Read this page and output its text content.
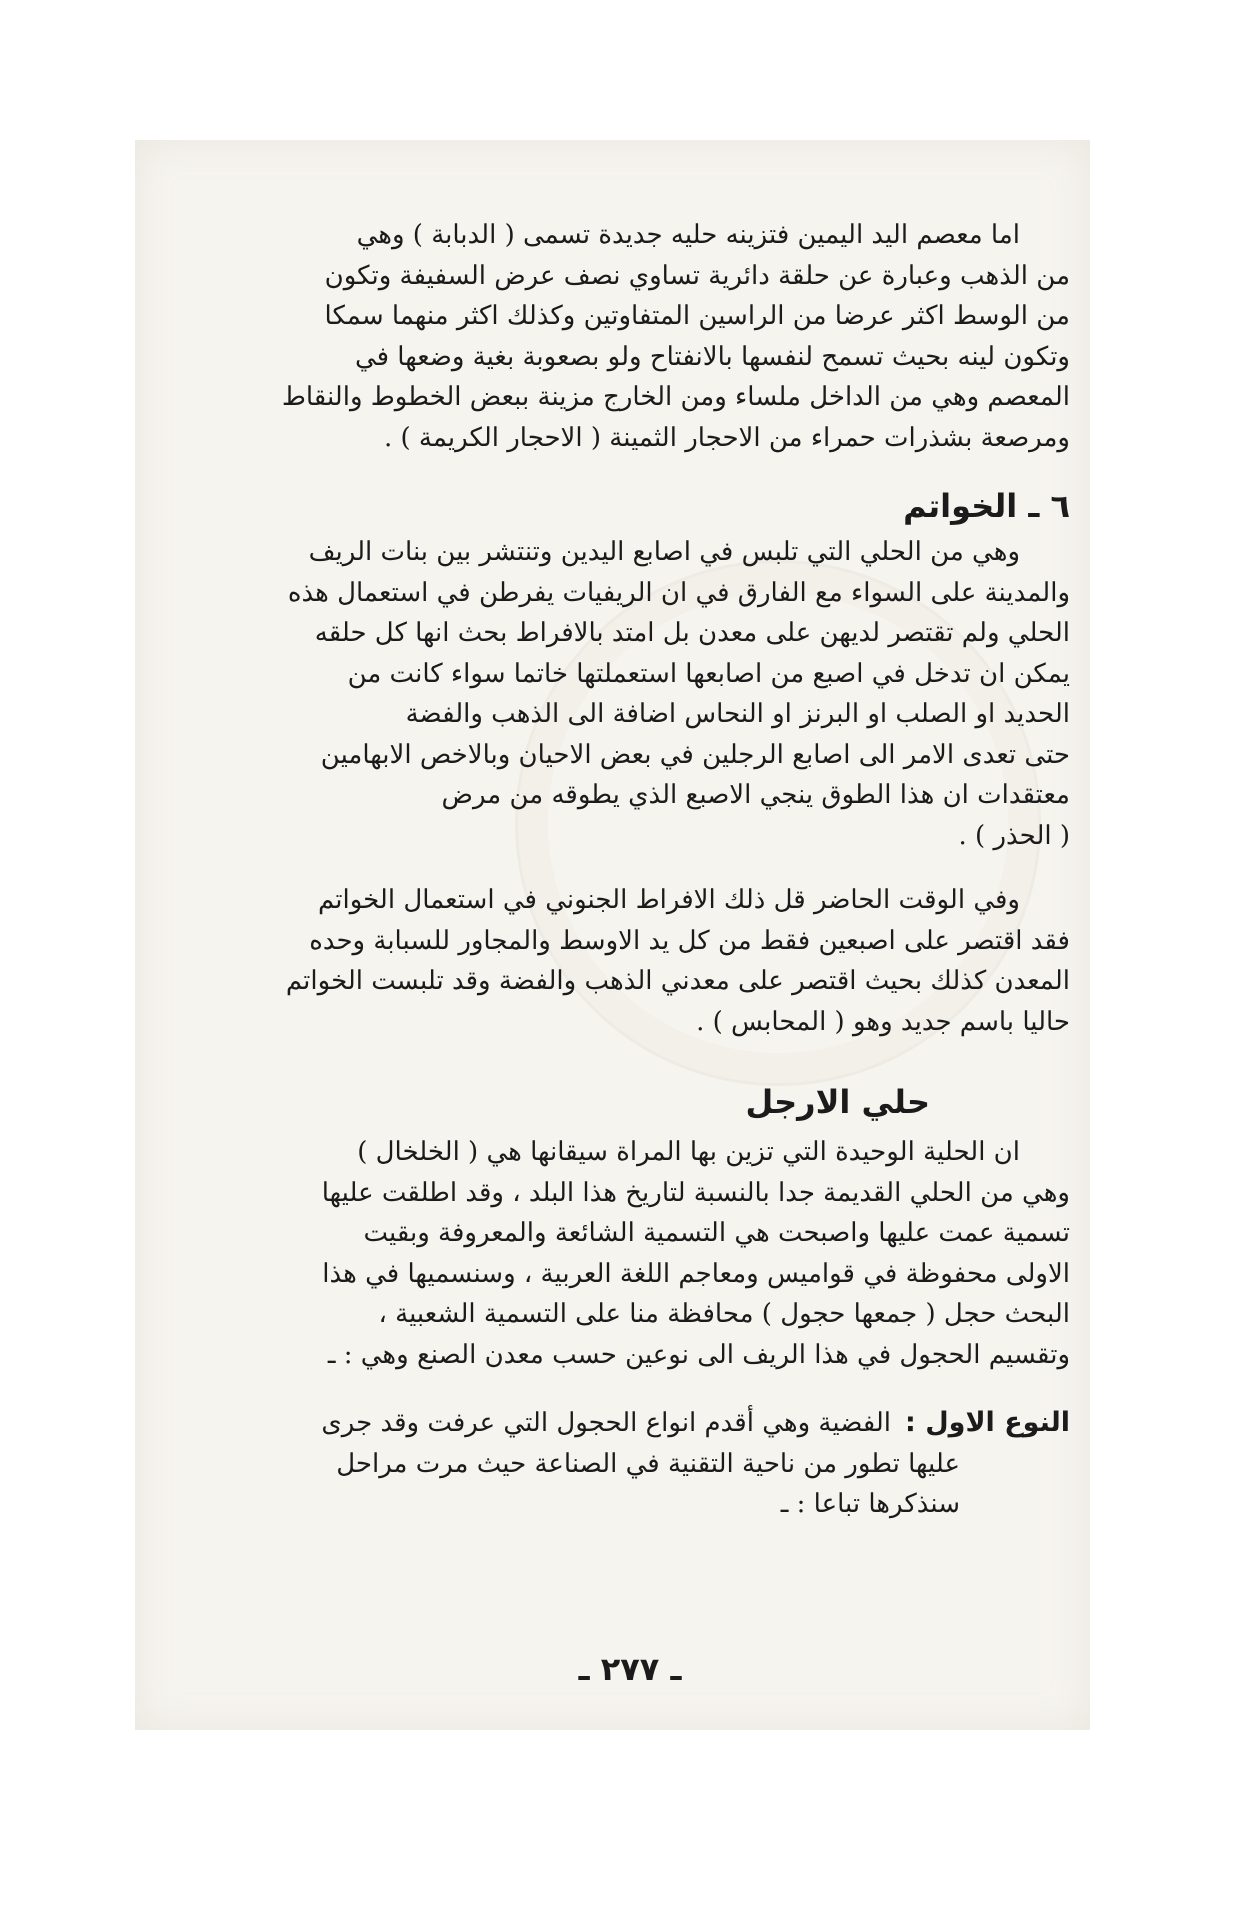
اما معصم اليد اليمين فتزينه حليه جديدة تسمى ( الدبابة ) وهي
من الذهب وعبارة عن حلقة دائرية تساوي نصف عرض السفيفة وتكون
من الوسط اكثر عرضا من الراسين المتفاوتين وكذلك اكثر منهما سمكا
وتكون لينه بحيث تسمح لنفسها بالانفتاح ولو بصعوبة بغية وضعها في
المعصم وهي من الداخل ملساء ومن الخارج مزينة ببعض الخطوط والنقاط
ومرصعة بشذرات حمراء من الاحجار الثمينة ( الاحجار الكريمة ) .
٦ ـ الخواتم
وهي من الحلي التي تلبس في اصابع اليدين وتنتشر بين بنات الريف
والمدينة على السواء مع الفارق في ان الريفيات يفرطن في استعمال هذه
الحلي ولم تقتصر لديهن على معدن بل امتد بالافراط بحث انها كل حلقه
يمكن ان تدخل في اصبع من اصابعها استعملتها خاتما سواء كانت من
الحديد او الصلب او البرنز او النحاس اضافة الى الذهب والفضة
حتى تعدى الامر الى اصابع الرجلين في بعض الاحيان وبالاخص الابهامين
معتقدات ان هذا الطوق ينجي الاصبع الذي يطوقه من مرض
( الحذر ) .
وفي الوقت الحاضر قل ذلك الافراط الجنوني في استعمال الخواتم
فقد اقتصر على اصبعين فقط من كل يد الاوسط والمجاور للسبابة وحده
المعدن كذلك بحيث اقتصر على معدني الذهب والفضة وقد تلبست الخواتم
حاليا باسم جديد وهو ( المحابس ) .
حلي الارجل
ان الحلية الوحيدة التي تزين بها المراة سيقانها هي ( الخلخال )
وهي من الحلي القديمة جدا بالنسبة لتاريخ هذا البلد ، وقد اطلقت عليها
تسمية عمت عليها واصبحت هي التسمية الشائعة والمعروفة وبقيت
الاولى محفوظة في قواميس ومعاجم اللغة العربية ، وسنسميها في هذا
البحث حجل ( جمعها حجول ) محافظة منا على التسمية الشعبية ،
وتقسيم الحجول في هذا الريف الى نوعين حسب معدن الصنع وهي : ـ
النوع الاول :
الفضية وهي أقدم انواع الحجول التي عرفت وقد جرى
عليها تطور من ناحية التقنية في الصناعة حيث مرت مراحل
سنذكرها تباعا : ـ
ـ ٢٧٧ ـ
